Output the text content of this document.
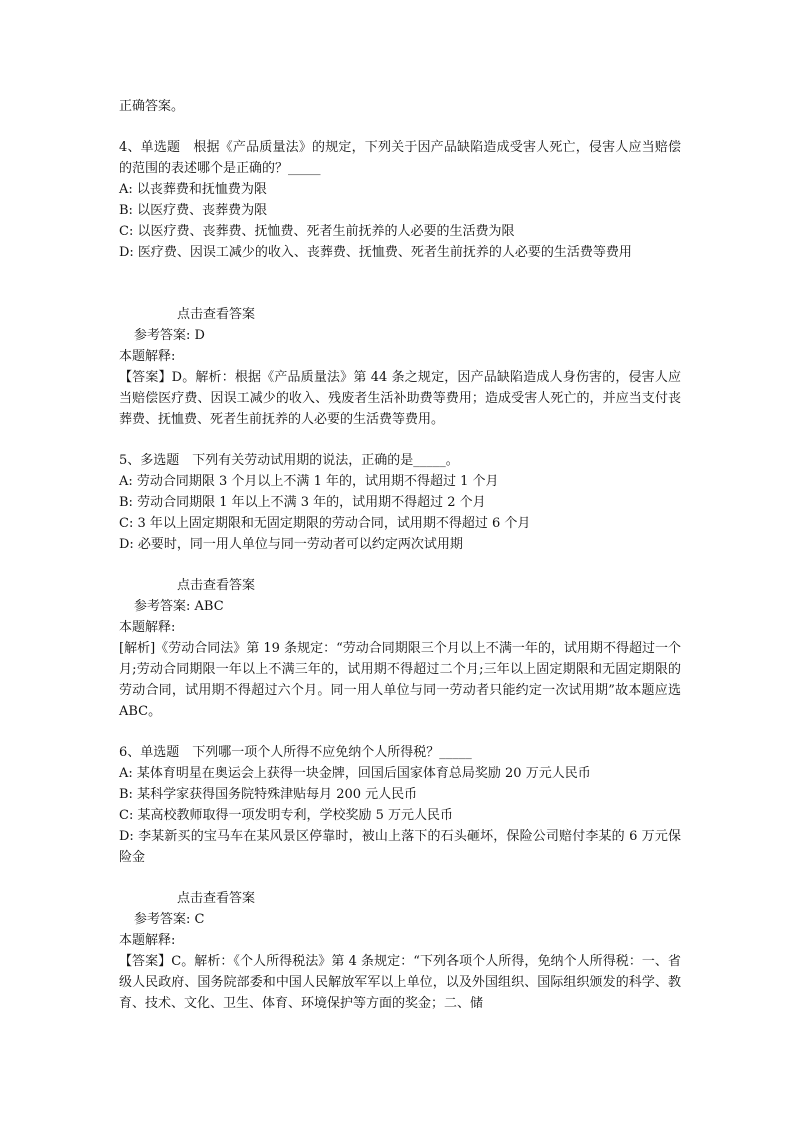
正确答案。
4、单选题　根据《产品质量法》的规定，下列关于因产品缺陷造成受害人死亡，侵害人应当赔偿的范围的表述哪个是正确的？_____
A: 以丧葬费和抚恤费为限
B: 以医疗费、丧葬费为限
C: 以医疗费、丧葬费、抚恤费、死者生前抚养的人必要的生活费为限
D: 医疗费、因误工减少的收入、丧葬费、抚恤费、死者生前抚养的人必要的生活费等费用
点击查看答案
参考答案: D
本题解释:
【答案】D。解析：根据《产品质量法》第 44 条之规定，因产品缺陷造成人身伤害的，侵害人应当赔偿医疗费、因误工减少的收入、残废者生活补助费等费用；造成受害人死亡的，并应当支付丧葬费、抚恤费、死者生前抚养的人必要的生活费等费用。
5、多选题　下列有关劳动试用期的说法，正确的是_____。
A: 劳动合同期限 3 个月以上不满 1 年的，试用期不得超过 1 个月
B: 劳动合同期限 1 年以上不满 3 年的，试用期不得超过 2 个月
C: 3 年以上固定期限和无固定期限的劳动合同，试用期不得超过 6 个月
D: 必要时，同一用人单位与同一劳动者可以约定两次试用期
点击查看答案
参考答案: ABC
本题解释:
[解析]《劳动合同法》第 19 条规定：“劳动合同期限三个月以上不满一年的，试用期不得超过一个月;劳动合同期限一年以上不满三年的，试用期不得超过二个月;三年以上固定期限和无固定期限的劳动合同，试用期不得超过六个月。同一用人单位与同一劳动者只能约定一次试用期”故本题应选 ABC。
6、单选题　下列哪一项个人所得不应免纳个人所得税？_____
A: 某体育明星在奥运会上获得一块金牌，回国后国家体育总局奖励 20 万元人民币
B: 某科学家获得国务院特殊津贴每月 200 元人民币
C: 某高校教师取得一项发明专利，学校奖励 5 万元人民币
D: 李某新买的宝马车在某风景区停靠时，被山上落下的石头砸坏，保险公司赔付李某的 6 万元保险金
点击查看答案
参考答案: C
本题解释:
【答案】C。解析：《个人所得税法》第 4 条规定：“下列各项个人所得，免纳个人所得税：一、省级人民政府、国务院部委和中国人民解放军军以上单位，以及外国组织、国际组织颁发的科学、教育、技术、文化、卫生、体育、环境保护等方面的奖金；二、储
